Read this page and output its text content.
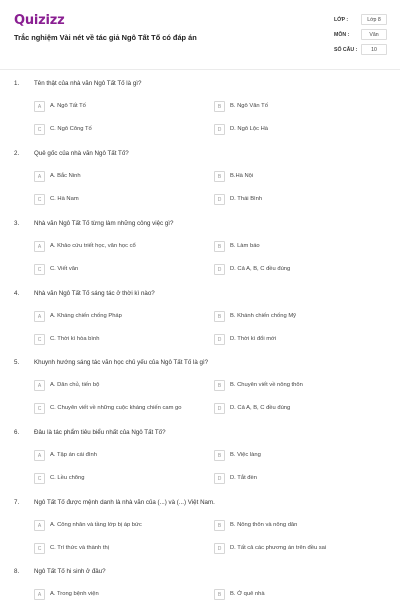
Quizizz
Trắc nghiệm Vài nét về tác giả Ngô Tất Tố có đáp án
LỚP :	Lớp 8
MÔN :	Văn
SỐ CÂU :	10
1. Tên thật của nhà văn Ngô Tất Tố là gì?
A	A. Ngô Tất Tố	B	B. Ngô Văn Tố
C	C. Ngô Công Tố	D	D. Ngô Lộc Hà
2. Quê gốc của nhà văn Ngô Tất Tố?
A	A. Bắc Ninh	B	B.Hà Nội
C	C. Hà Nam	D	D. Thái Bình
3. Nhà văn Ngô Tất Tố từng làm những công việc gì?
A	A. Khảo cứu triết học, văn học cổ	B	B. Làm báo
C	C. Viết văn	D	D. Cả A, B, C đều đúng
4. Nhà văn Ngô Tất Tố sáng tác ở thời kì nào?
A	A. Kháng chiến chống Pháp	B	B. Khánh chiến chống Mỹ
C	C. Thời kì hòa bình	D	D. Thời kì đổi mới
5. Khuynh hướng sáng tác văn học chủ yếu của Ngô Tất Tố là gì?
A	A. Dân chủ, tiến bộ	B	B. Chuyên viết về nông thôn
C	C. Chuyên viết về những cuộc kháng chiến cam go	D	D. Cả A, B, C đều đúng
6. Đâu là tác phẩm tiêu biểu nhất của Ngô Tất Tố?
A	A. Tập án cái đình	B	B. Việc làng
C	C. Lều chõng	D	D. Tắt đèn
7. Ngô Tất Tố được mệnh danh là nhà văn của (...) và (...) Việt Nam.
A	A. Công nhân và tầng lớp bị áp bức	B	B. Nông thôn và nông dân
C	C. Trí thức và thành thị	D	D. Tất cả các phương án trên đều sai
8. Ngô Tất Tố hi sinh ở đâu?
A	A. Trong bệnh viện	B	B. Ở quê nhà
